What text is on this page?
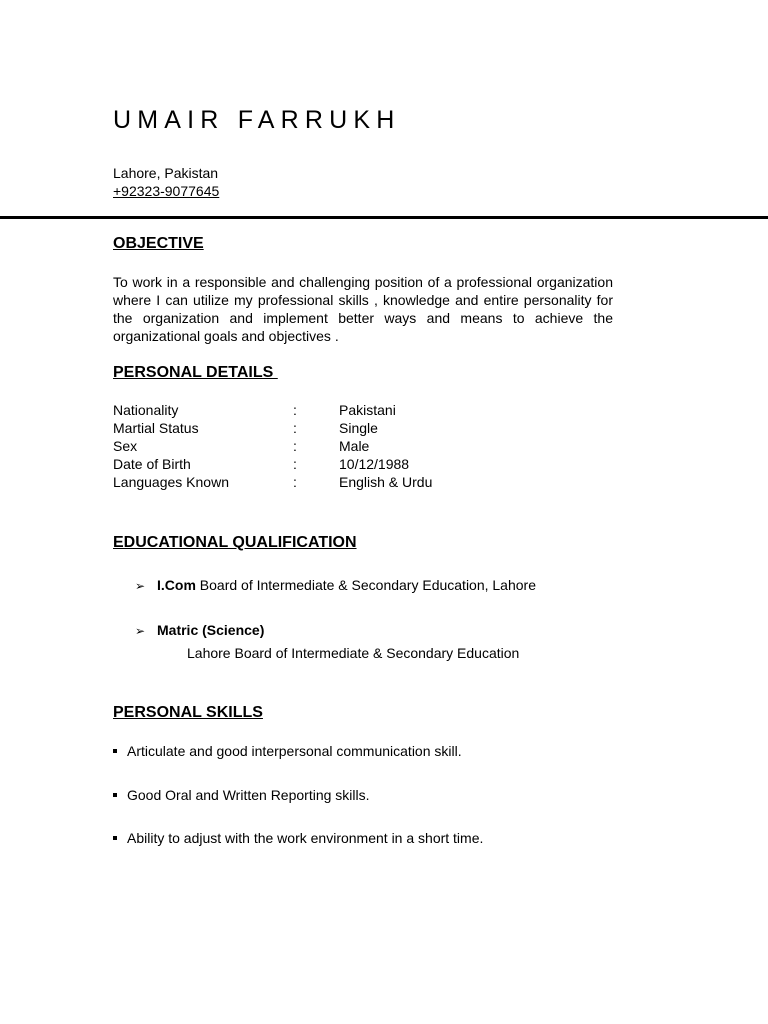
UMAIR FARRUKH
Lahore, Pakistan
+92323-9077645
OBJECTIVE
To work in a responsible and challenging position of a professional organization where I can utilize my professional skills , knowledge and entire personality for the organization and implement better ways and means to achieve the organizational goals and objectives .
PERSONAL DETAILS
Nationality	:	Pakistani
Martial Status	:	Single
Sex	:	Male
Date of Birth	:	10/12/1988
Languages Known	:	English & Urdu
EDUCATIONAL QUALIFICATION
➢ I.Com Board of Intermediate & Secondary Education, Lahore
➢ Matric (Science)
Lahore Board of Intermediate & Secondary Education
PERSONAL SKILLS
Articulate and good interpersonal communication skill.
Good Oral and Written Reporting skills.
Ability to adjust with the work environment in a short time.
